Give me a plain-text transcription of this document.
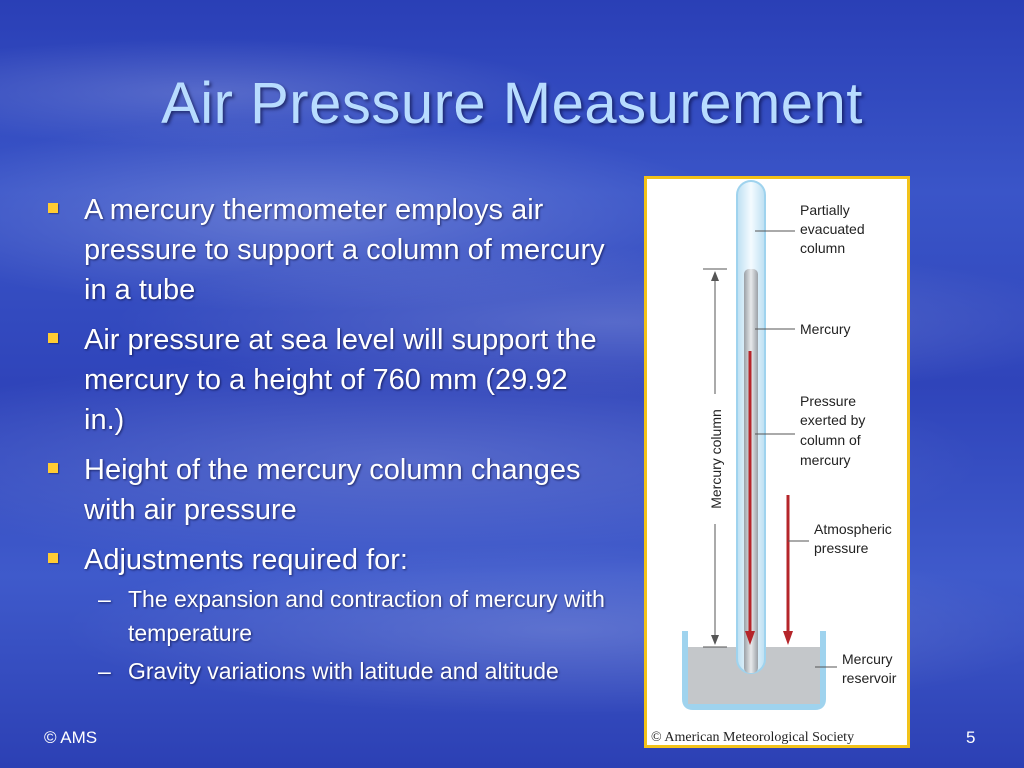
Air Pressure Measurement
A mercury thermometer employs air pressure to support a column of mercury in a tube
Air pressure at sea level will support the mercury to a height of 760 mm (29.92 in.)
Height of the mercury column changes with air pressure
Adjustments required for:
– The expansion and contraction of mercury with temperature
– Gravity variations with latitude and altitude
Mercury column
Partially
evacuated
column
Mercury
Pressure
exerted by
column of
mercury
Atmospheric
pressure
Mercury
reservoir
© American Meteorological Society
© AMS	5
